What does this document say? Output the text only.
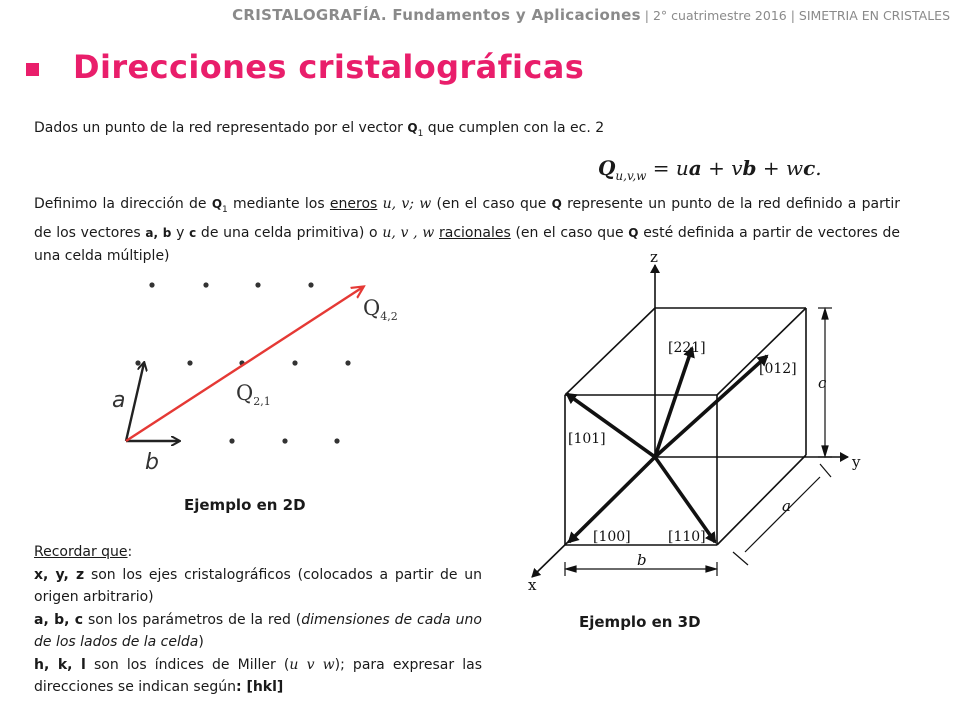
CRISTALOGRAFÍA. Fundamentos y Aplicaciones | 2° cuatrimestre 2016 | SIMETRIA EN CRISTALES
Direcciones cristalográficas
Dados un punto de la red representado por el vector $Q_1$ que cumplen con la ec. 2
$Q_{u,v,w}$ = ua + vb + wc.
Definimo la dirección de $Q_1$ mediante los eneros u, v; w (en el caso que Q represente un punto de la red definido a partir de los vectores a, b y c de una celda primitiva) o u, v , w racionales (en el caso que Q esté definida a partir de vectores de una celda múltiple)
a
b
$Q_{2,1}$
$Q_{4,2}$
Ejemplo en 2D
z
y
x
a
b
c
[221]
[012]
[101]
[100]	[110]
Ejemplo en 3D

Recordar que:

x, y, z son los ejes cristalográficos (colocados a partir de un origen arbitrario)

a, b, c son los parámetros de la red (dimensiones de cada uno de los lados de la celda)

h, k, l son los índices de Miller (u v w); para expresar las direcciones se indican según: [hkl]
